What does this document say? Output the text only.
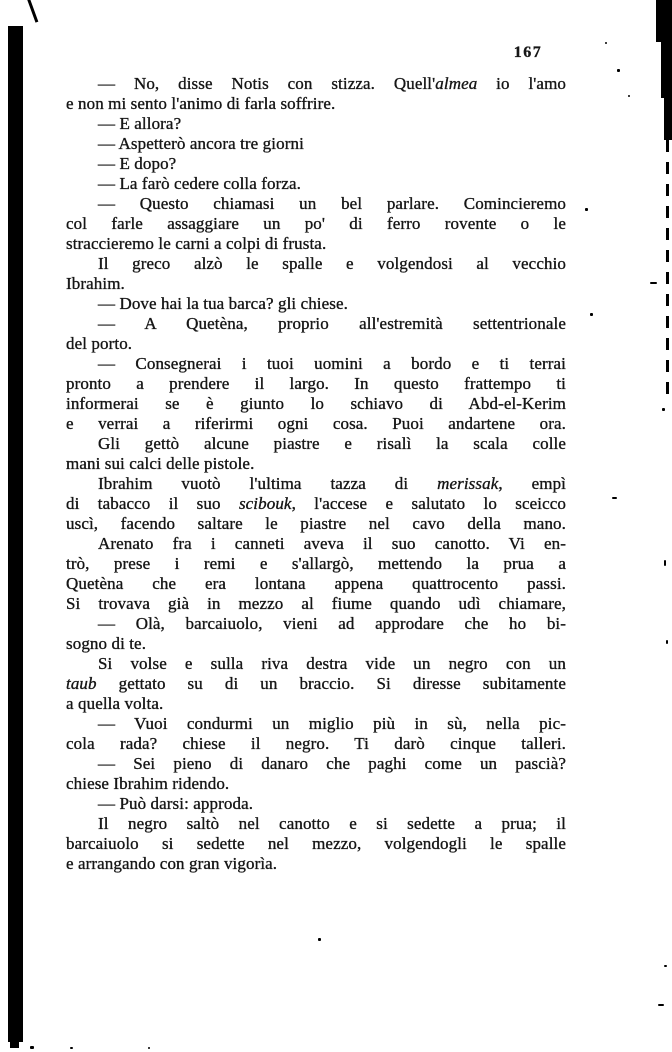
167
— No, disse Notis con stizza. Quell'almea io l'amo
e non mi sento l'animo di farla soffrire.
— E allora?
— Aspetterò ancora tre giorni
— E dopo?
— La farò cedere colla forza.
— Questo chiamasi un bel parlare. Comincieremo
col farle assaggiare un po' di ferro rovente o le
straccieremo le carni a colpi di frusta.
Il greco alzò le spalle e volgendosi al vecchio
Ibrahim.
— Dove hai la tua barca? gli chiese.
— A Quetèna, proprio all'estremità settentrionale
del porto.
— Consegnerai i tuoi uomini a bordo e ti terrai
pronto a prendere il largo. In questo frattempo ti
informerai se è giunto lo schiavo di Abd-el-Kerim
e verrai a riferirmi ogni cosa. Puoi andartene ora.
Gli gettò alcune piastre e risalì la scala colle
mani sui calci delle pistole.
Ibrahim vuotò l'ultima tazza di merissak, empì
di tabacco il suo scibouk, l'accese e salutato lo sceicco
uscì, facendo saltare le piastre nel cavo della mano.
Arenato fra i canneti aveva il suo canotto. Vi en-
trò, prese i remi e s'allargò, mettendo la prua a
Quetèna che era lontana appena quattrocento passi.
Si trovava già in mezzo al fiume quando udì chiamare,
— Olà, barcaiuolo, vieni ad approdare che ho bi-
sogno di te.
Si volse e sulla riva destra vide un negro con un
taub gettato su di un braccio. Si diresse subitamente
a quella volta.
— Vuoi condurmi un miglio più in sù, nella pic-
cola rada? chiese il negro. Ti darò cinque talleri.
— Sei pieno di danaro che paghi come un pascià?
chiese Ibrahim ridendo.
— Può darsi: approda.
Il negro saltò nel canotto e si sedette a prua; il
barcaiuolo si sedette nel mezzo, volgendogli le spalle
e arrangando con gran vigorìa.
